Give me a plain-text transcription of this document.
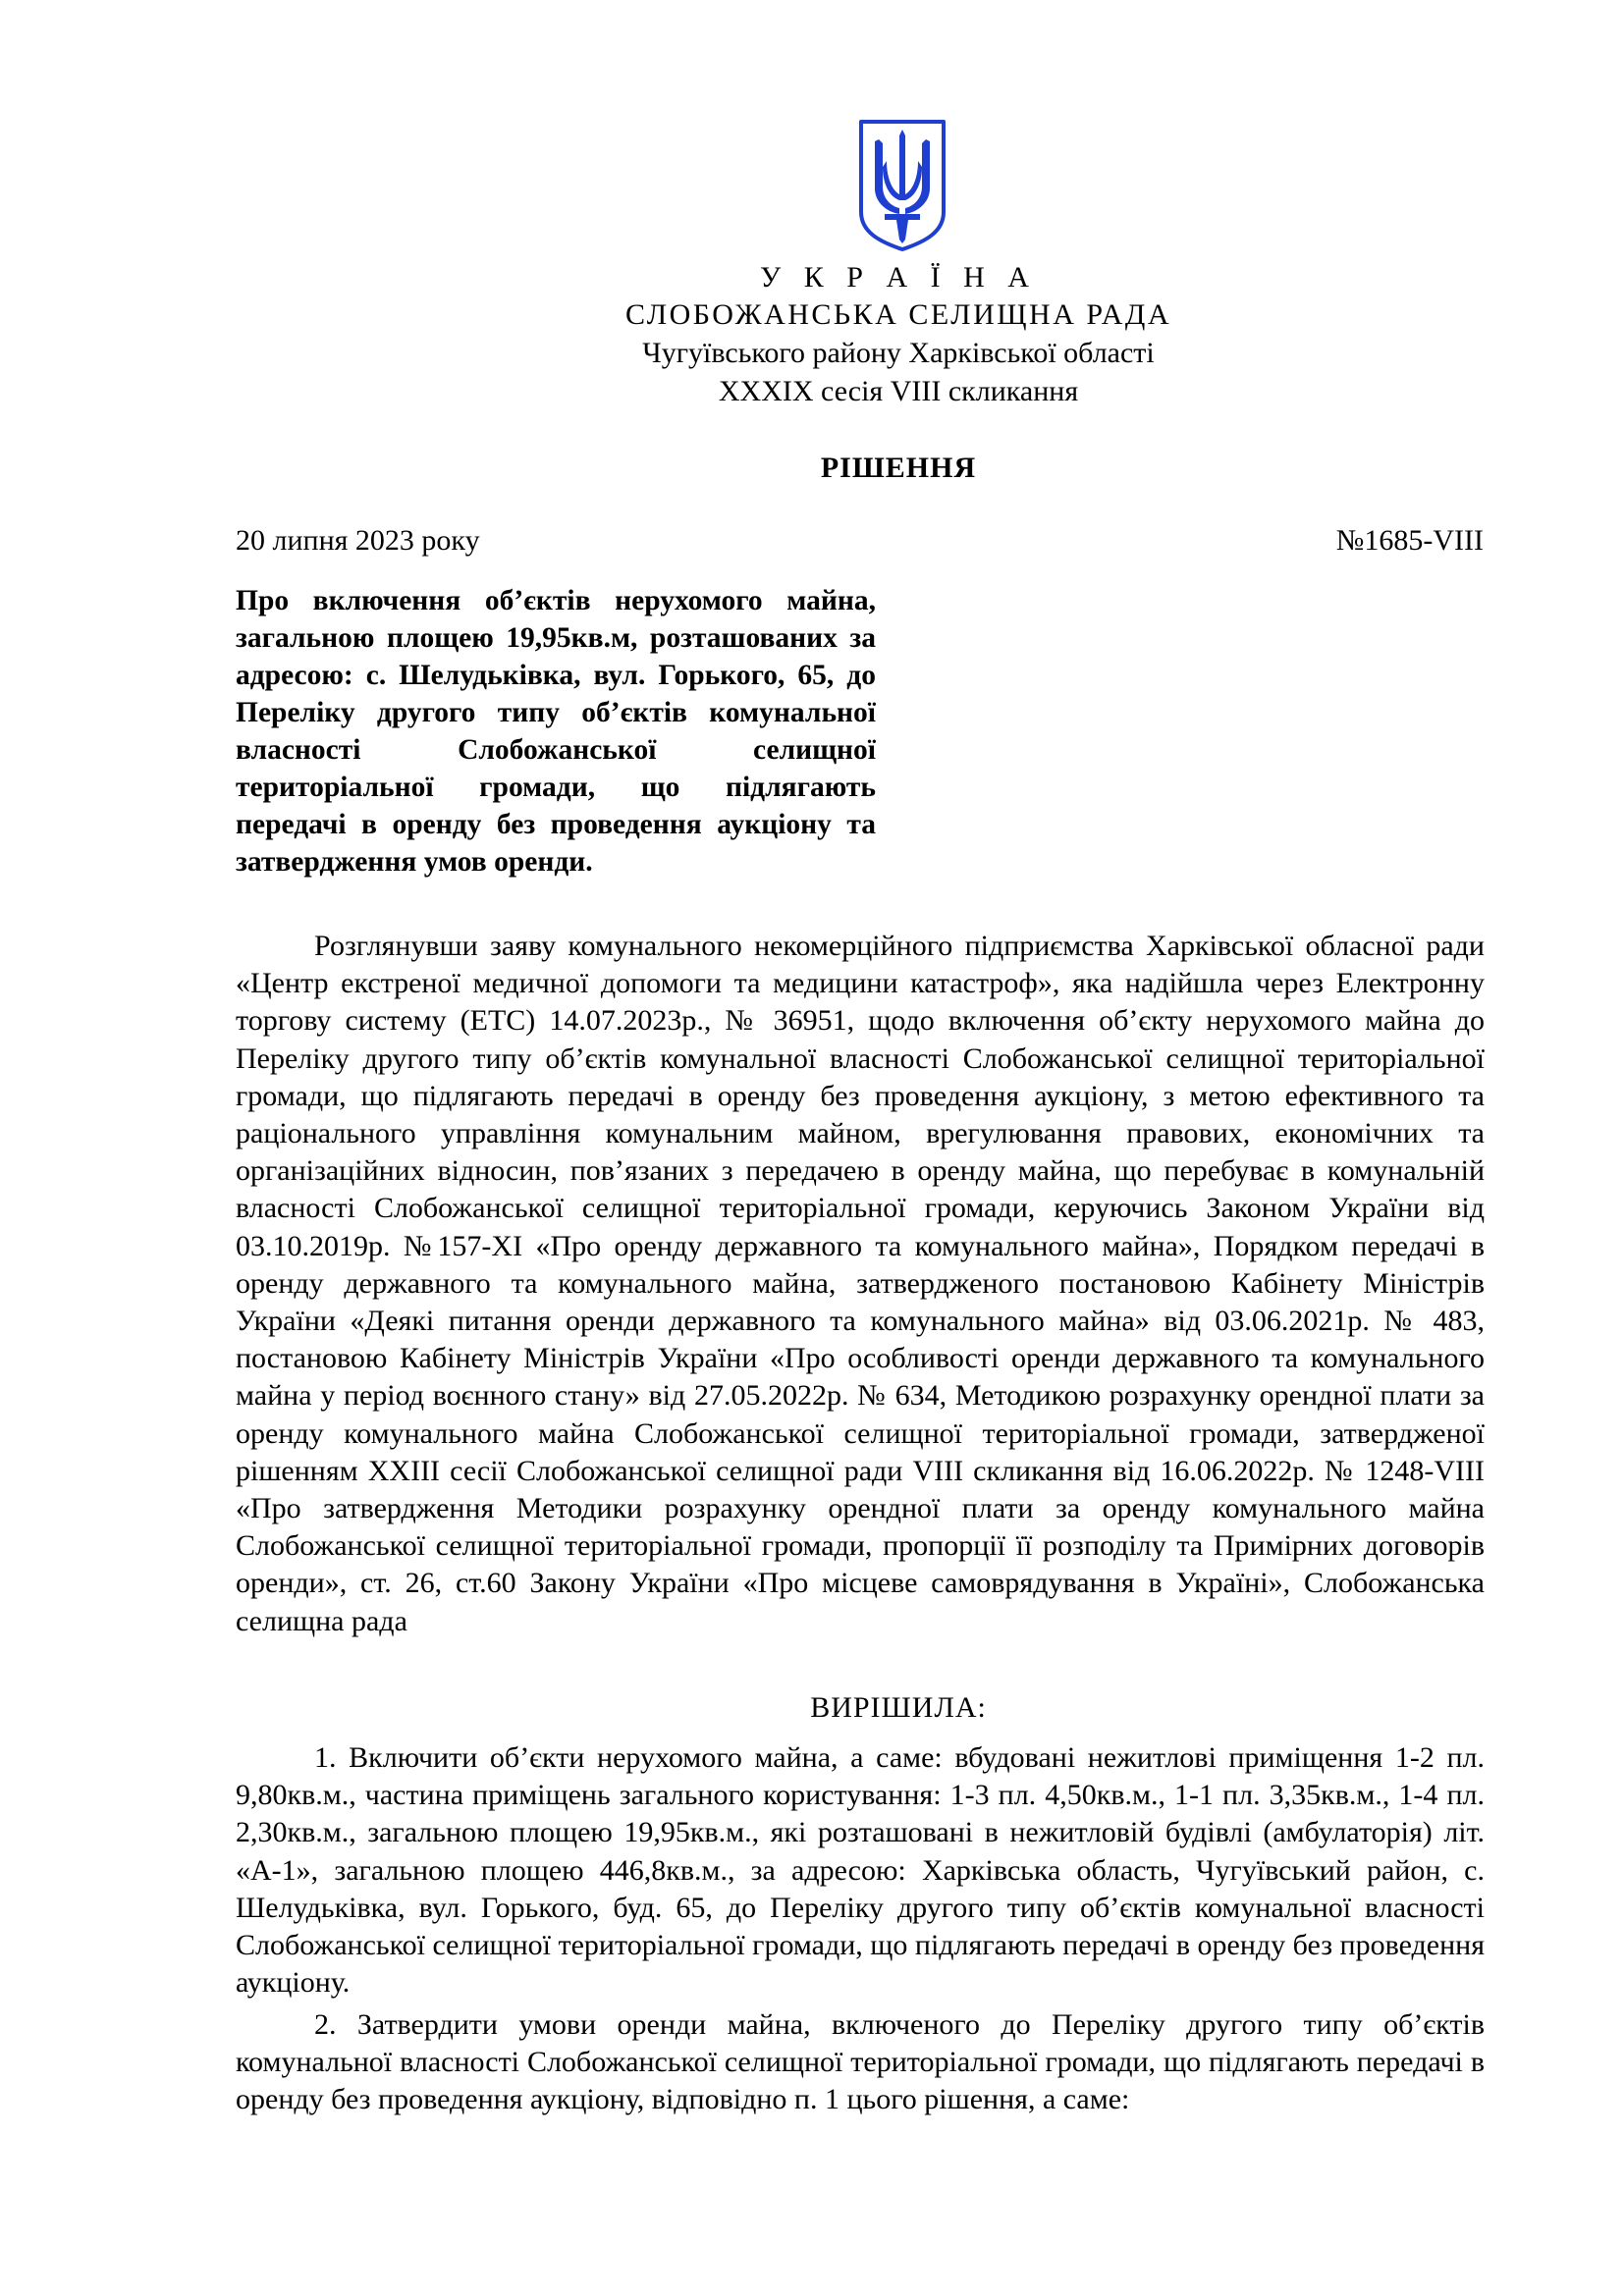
У К Р А Ї Н А
СЛОБОЖАНСЬКА СЕЛИЩНА РАДА
Чугуївського району Харківської області
XXXIX сесія VIII скликання
РІШЕННЯ
20 липня 2023 року	№1685-VIII
Про включення об’єктів нерухомого майна, загальною площею 19,95кв.м, розташованих за адресою: с. Шелудьківка, вул. Горького, 65, до Переліку другого типу об’єктів комунальної власності Слобожанської селищної територіальної громади, що підлягають передачі в оренду без проведення аукціону та затвердження умов оренди.
Розглянувши заяву комунального некомерційного підприємства Харківської обласної ради «Центр екстреної медичної допомоги та медицини катастроф», яка надійшла через Електронну торгову систему (ЕТС) 14.07.2023р., № 36951, щодо включення об’єкту нерухомого майна до Переліку другого типу об’єктів комунальної власності Слобожанської селищної територіальної громади, що підлягають передачі в оренду без проведення аукціону, з метою ефективного та раціонального управління комунальним майном, врегулювання правових, економічних та організаційних відносин, пов’язаних з передачею в оренду майна, що перебуває в комунальній власності Слобожанської селищної територіальної громади, керуючись Законом України від 03.10.2019р. №157-ХІ «Про оренду державного та комунального майна», Порядком передачі в оренду державного та комунального майна, затвердженого постановою Кабінету Міністрів України «Деякі питання оренди державного та комунального майна» від 03.06.2021р. № 483, постановою Кабінету Міністрів України «Про особливості оренди державного та комунального майна у період воєнного стану» від 27.05.2022р. № 634, Методикою розрахунку орендної плати за оренду комунального майна Слобожанської селищної територіальної громади, затвердженої рішенням XXIII сесії Слобожанської селищної ради VIII скликання від 16.06.2022р. № 1248-VIII «Про затвердження Методики розрахунку орендної плати за оренду комунального майна Слобожанської селищної територіальної громади, пропорції її розподілу та Примірних договорів оренди», ст. 26, ст.60 Закону України «Про місцеве самоврядування в Україні», Слобожанська селищна рада
ВИРІШИЛА:
1. Включити об’єкти нерухомого майна, а саме: вбудовані нежитлові приміщення 1-2 пл. 9,80кв.м., частина приміщень загального користування: 1-3 пл. 4,50кв.м., 1-1 пл. 3,35кв.м., 1-4 пл. 2,30кв.м., загальною площею 19,95кв.м., які розташовані в нежитловій будівлі (амбулаторія) літ. «А-1», загальною площею 446,8кв.м., за адресою: Харківська область, Чугуївський район, с. Шелудьківка, вул. Горького, буд. 65, до Переліку другого типу об’єктів комунальної власності Слобожанської селищної територіальної громади, що підлягають передачі в оренду без проведення аукціону.
2. Затвердити умови оренди майна, включеного до Переліку другого типу об’єктів комунальної власності Слобожанської селищної територіальної громади, що підлягають передачі в оренду без проведення аукціону, відповідно п. 1 цього рішення, а саме:
